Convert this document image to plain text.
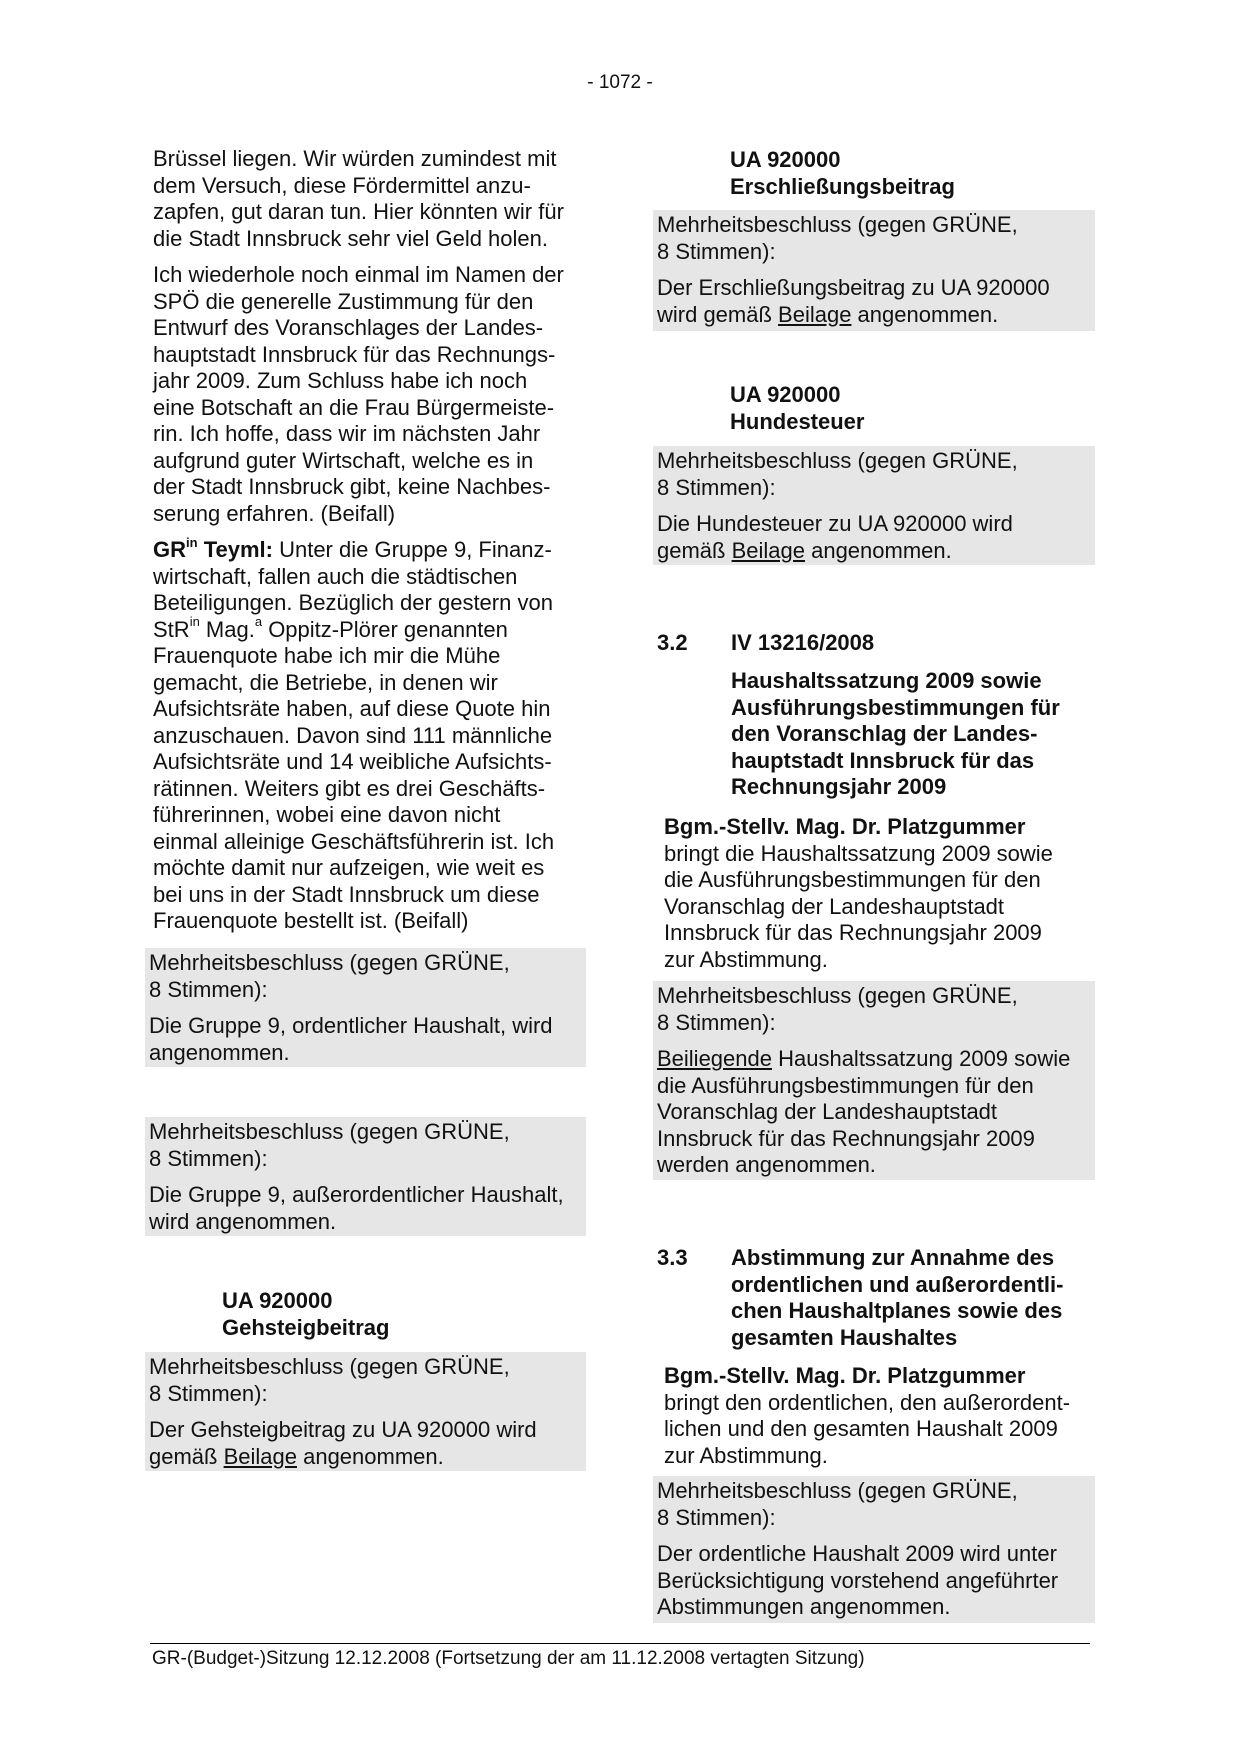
- 1072 -

Brüssel liegen. Wir würden zumindest mit
dem Versuch, diese Fördermittel anzu-
zapfen, gut daran tun. Hier könnten wir für
die Stadt Innsbruck sehr viel Geld holen.

Ich wiederhole noch einmal im Namen der
SPÖ die generelle Zustimmung für den
Entwurf des Voranschlages der Landes-
hauptstadt Innsbruck für das Rechnungs-
jahr 2009. Zum Schluss habe ich noch
eine Botschaft an die Frau Bürgermeiste-
rin. Ich hoffe, dass wir im nächsten Jahr
aufgrund guter Wirtschaft, welche es in
der Stadt Innsbruck gibt, keine Nachbes-
serung erfahren. (Beifall)

$GR^{in}$ Teyml: Unter die Gruppe 9, Finanz-
wirtschaft, fallen auch die städtischen
Beteiligungen. Bezüglich der gestern von
StR$^{in}$ Mag.$^a$ Oppitz-Plörer genannten
Frauenquote habe ich mir die Mühe
gemacht, die Betriebe, in denen wir
Aufsichtsräte haben, auf diese Quote hin
anzuschauen. Davon sind 111 männliche
Aufsichtsräte und 14 weibliche Aufsichts-
rätinnen. Weiters gibt es drei Geschäfts-
führerinnen, wobei eine davon nicht
einmal alleinige Geschäftsführerin ist. Ich
möchte damit nur aufzeigen, wie weit es
bei uns in der Stadt Innsbruck um diese
Frauenquote bestellt ist. (Beifall)

Mehrheitsbeschluss (gegen GRÜNE,
8 Stimmen):

Die Gruppe 9, ordentlicher Haushalt, wird
angenommen.

Mehrheitsbeschluss (gegen GRÜNE,
8 Stimmen):

Die Gruppe 9, außerordentlicher Haushalt,
wird angenommen.

UA 920000
Gehsteigbeitrag

Mehrheitsbeschluss (gegen GRÜNE,
8 Stimmen):

Der Gehsteigbeitrag zu UA 920000 wird
gemäß Beilage angenommen.

UA 920000
Erschließungsbeitrag

Mehrheitsbeschluss (gegen GRÜNE,
8 Stimmen):

Der Erschließungsbeitrag zu UA 920000
wird gemäß Beilage angenommen.

UA 920000
Hundesteuer

Mehrheitsbeschluss (gegen GRÜNE,
8 Stimmen):

Die Hundesteuer zu UA 920000 wird
gemäß Beilage angenommen.

3.2 IV 13216/2008
Haushaltssatzung 2009 sowie
Ausführungsbestimmungen für
den Voranschlag der Landes-
hauptstadt Innsbruck für das
Rechnungsjahr 2009
Bgm.-Stellv. Mag. Dr. Platzgummer
bringt die Haushaltssatzung 2009 sowie
die Ausführungsbestimmungen für den
Voranschlag der Landeshauptstadt
Innsbruck für das Rechnungsjahr 2009
zur Abstimmung.

Mehrheitsbeschluss (gegen GRÜNE,
8 Stimmen):

Beiliegende Haushaltssatzung 2009 sowie
die Ausführungsbestimmungen für den
Voranschlag der Landeshauptstadt
Innsbruck für das Rechnungsjahr 2009
werden angenommen.

3.3	Abstimmung zur Annahme des
ordentlichen und außerordentli-
chen Haushaltplanes sowie des
gesamten Haushaltes
Bgm.-Stellv. Mag. Dr. Platzgummer
bringt den ordentlichen, den außerordent-
lichen und den gesamten Haushalt 2009
zur Abstimmung.

Mehrheitsbeschluss (gegen GRÜNE,
8 Stimmen):

Der ordentliche Haushalt 2009 wird unter
Berücksichtigung vorstehend angeführter
Abstimmungen angenommen.

GR-(Budget-)Sitzung 12.12.2008 (Fortsetzung der am 11.12.2008 vertagten Sitzung)
